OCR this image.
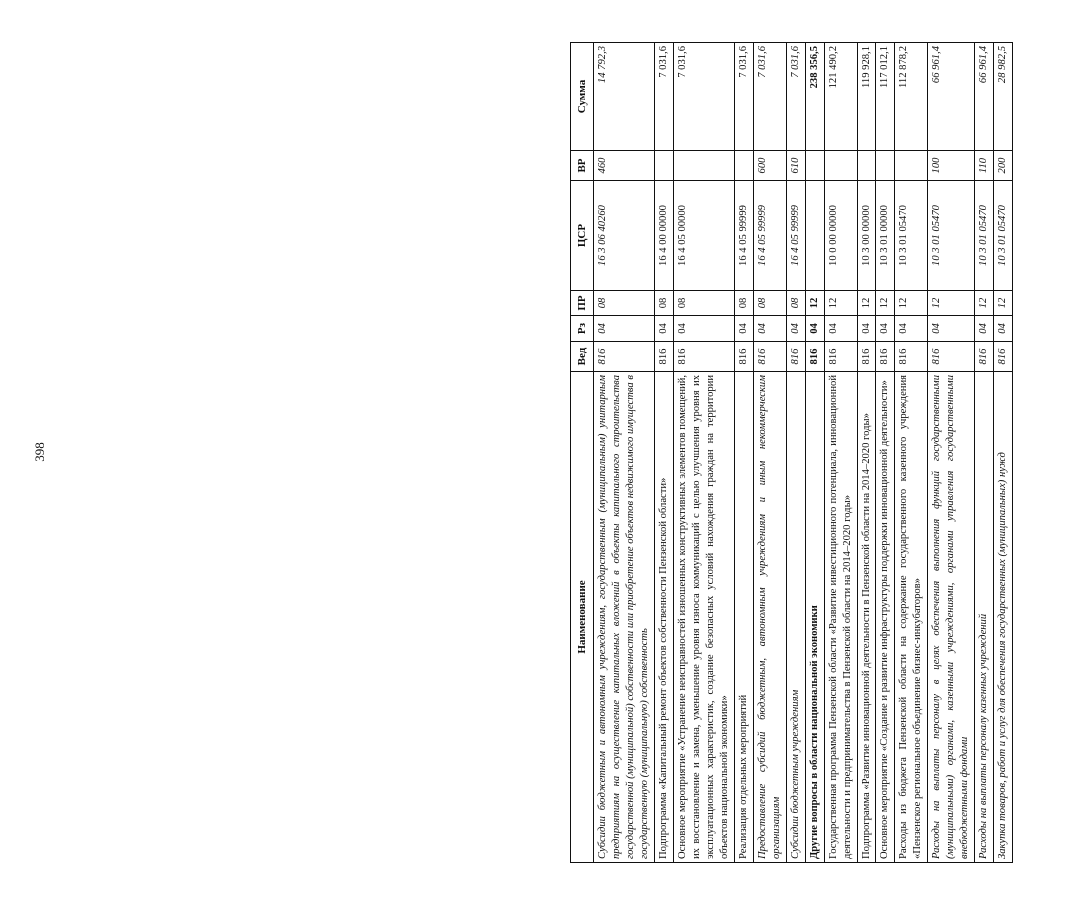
398
Наименование	Вед	Рз	ПР	ЦСР	ВР	Сумма
Субсидии бюджетным и автономным учреждениям, государственным (муниципальным) унитарным предприятиям на осуществление капитальных вложений в объекты капитального строительства государственной (муниципальной) собственности или приобретение объектов недвижимого имущества в государственную (муниципальную) собственность	816	04	08	16 3 06 40260	460	14 792,3
Подпрограмма «Капитальный ремонт объектов собственности Пензенской области»	816	04	08	16 4 00 00000		7 031,6
Основное мероприятие «Устранение неисправностей изношенных конструктивных элементов помещений, их восстановление и замена, уменьшение уровня износа коммуникаций с целью улучшения уровня их эксплуатационных характеристик, создание безопасных условий нахождения граждан на территории объектов национальной экономики»	816	04	08	16 4 05 00000		7 031,6
Реализация отдельных мероприятий	816	04	08	16 4 05 99999		7 031,6
Предоставление субсидий бюджетным, автономным учреждениям и иным некоммерческим организациям	816	04	08	16 4 05 99999	600	7 031,6
Субсидии бюджетным учреждениям	816	04	08	16 4 05 99999	610	7 031,6
Другие вопросы в области национальной экономики	816	04	12			238 356,5
Государственная программа Пензенской области «Развитие инвестиционного потенциала, инновационной деятельности и предпринимательства в Пензенской области на 2014–2020 годы»	816	04	12	10 0 00 00000		121 490,2
Подпрограмма «Развитие инновационной деятельности в Пензенской области на 2014–2020 годы»	816	04	12	10 3 00 00000		119 928,1
Основное мероприятие «Создание и развитие инфраструктуры поддержки инновационной деятельности»	816	04	12	10 3 01 00000		117 012,1
Расходы из бюджета Пензенской области на содержание государственного казенного учреждения «Пензенское региональное объединение бизнес-инкубаторов»	816	04	12	10 3 01 05470		112 878,2
Расходы на выплаты персоналу в целях обеспечения выполнения функций государственными (муниципальными) органами, казенными учреждениями, органами управления государственными внебюджетными фондами	816	04	12	10 3 01 05470	100	66 961,4
Расходы на выплаты персоналу казенных учреждений	816	04	12	10 3 01 05470	110	66 961,4
Закупка товаров, работ и услуг для обеспечения государственных (муниципальных) нужд	816	04	12	10 3 01 05470	200	28 982,5
